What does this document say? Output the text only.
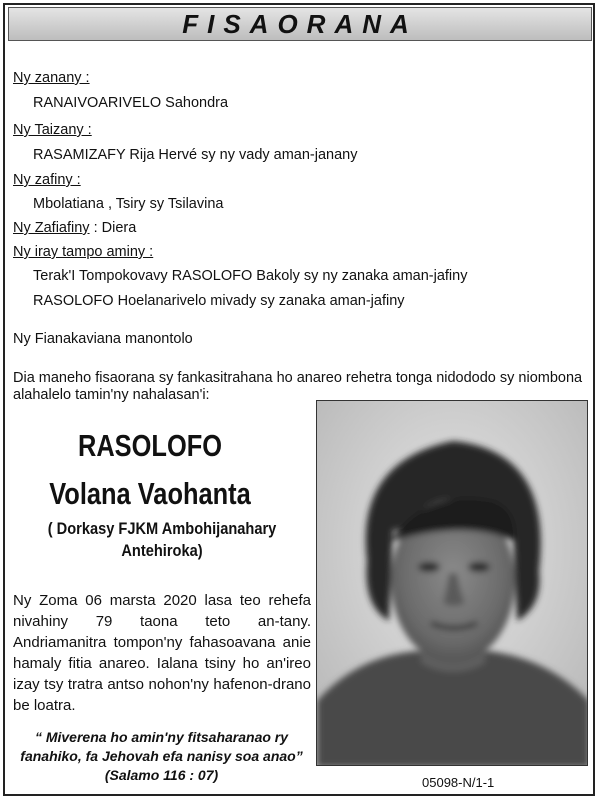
FISAORANA
Ny zanany :
RANAIVOARIVELO Sahondra
Ny Taizany :
RASAMIZAFY Rija Hervé sy ny vady aman-janany
Ny zafiny :
Mbolatiana , Tsiry sy Tsilavina
Ny Zafiafiny : Diera
Ny iray tampo aminy :
Terak'I Tompokovavy RASOLOFO Bakoly sy ny zanaka aman-jafiny
RASOLOFO Hoelanarivelo mivady sy zanaka aman-jafiny
Ny Fianakaviana manontolo
Dia maneho fisaorana sy fankasitrahana ho anareo rehetra tonga nidododo sy niombona alahalelo tamin'ny nahalasan'i:
RASOLOFO
Volana Vaohanta
( Dorkasy FJKM Ambohijanahary Antehiroka)
Ny Zoma 06 marsta 2020 lasa teo rehefa nivahiny 79 taona teto an-tany. Andriamanitra tompon'ny fahasoavana anie hamaly fitia anareo. Ialana tsiny ho an'ireo izay tsy tratra antso nohon'ny hafenon-drano be loatra.
“ Miverena ho amin'ny fitsaharanao ry fanahiko, fa Jehovah efa nanisy soa anao”
(Salamo 116 : 07)	05098-N/1-1
